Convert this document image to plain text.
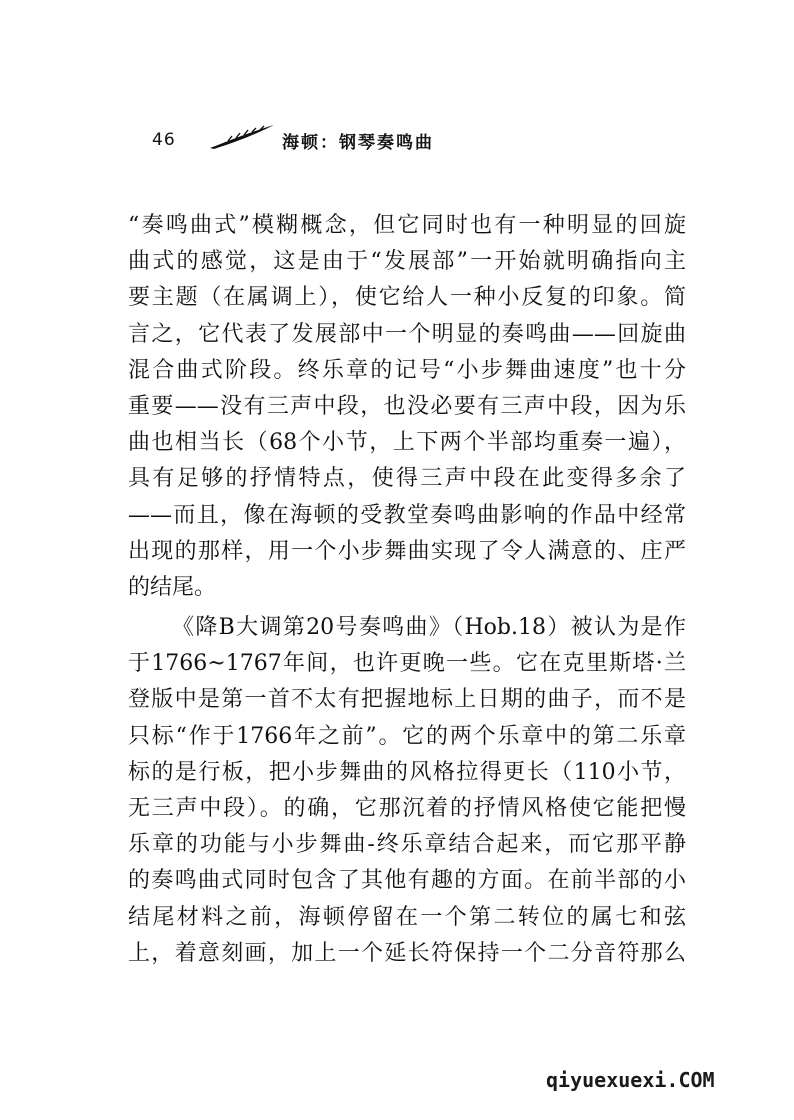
46	海顿：钢琴奏鸣曲
“奏鸣曲式”模糊概念，但它同时也有一种明显的回旋
曲式的感觉，这是由于“发展部”一开始就明确指向主
要主题（在属调上），使它给人一种小反复的印象。简
言之，它代表了发展部中一个明显的奏鸣曲——回旋曲
混合曲式阶段。终乐章的记号“小步舞曲速度”也十分
重要——没有三声中段，也没必要有三声中段，因为乐
曲也相当长（68个小节，上下两个半部均重奏一遍），
具有足够的抒情特点，使得三声中段在此变得多余了
——而且，像在海顿的受教堂奏鸣曲影响的作品中经常
出现的那样，用一个小步舞曲实现了令人满意的、庄严
的结尾。
《降B大调第20号奏鸣曲》（Hob.18）被认为是作
于1766~1767年间，也许更晚一些。它在克里斯塔·兰
登版中是第一首不太有把握地标上日期的曲子，而不是
只标“作于1766年之前”。它的两个乐章中的第二乐章
标的是行板，把小步舞曲的风格拉得更长（110小节，
无三声中段）。的确，它那沉着的抒情风格使它能把慢
乐章的功能与小步舞曲-终乐章结合起来，而它那平静
的奏鸣曲式同时包含了其他有趣的方面。在前半部的小
结尾材料之前，海顿停留在一个第二转位的属七和弦
上，着意刻画，加上一个延长符保持一个二分音符那么
qiyuexuexi.COM
